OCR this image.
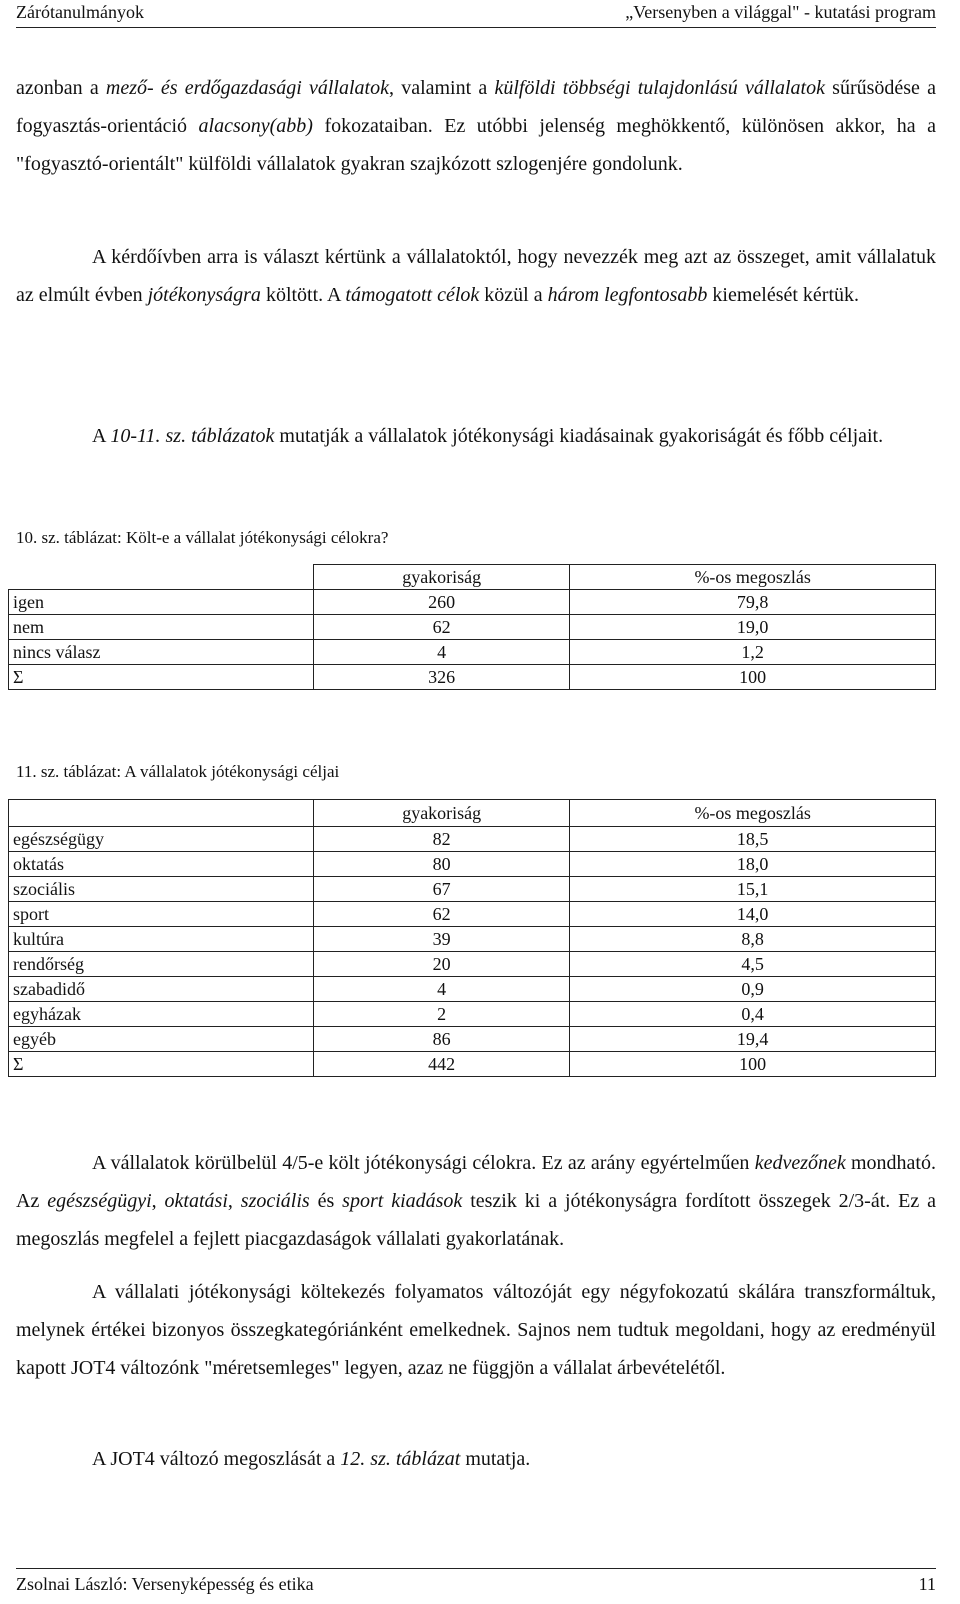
Zárótanulmányok	„Versenyben a világgal" - kutatási program

azonban a mező- és erdőgazdasági vállalatok, valamint a külföldi többségi tulajdonlású vállalatok sűrűsödése a fogyasztás-orientáció alacsony(abb) fokozataiban. Ez utóbbi jelenség meghökkentő, különösen akkor, ha a "fogyasztó-orientált" külföldi vállalatok gyakran szajkózott szlogenjére gondolunk.

A kérdőívben arra is választ kértünk a vállalatoktól, hogy nevezzék meg azt az összeget, amit vállalatuk az elmúlt évben jótékonyságra költött. A támogatott célok közül a három legfontosabb kiemelését kértük.

A 10-11. sz. táblázatok mutatják a vállalatok jótékonysági kiadásainak gyakoriságát és főbb céljait.

10. sz. táblázat: Költ-e a vállalat jótékonysági célokra?
	gyakoriság	%-os megoszlás
igen	260	79,8
nem	62	19,0
nincs válasz	4	1,2
Σ	326	100
11. sz. táblázat: A vállalatok jótékonysági céljai
	gyakoriság	%-os megoszlás
egészségügy	82	18,5
oktatás	80	18,0
szociális	67	15,1
sport	62	14,0
kultúra	39	8,8
rendőrség	20	4,5
szabadidő	4	0,9
egyházak	2	0,4
egyéb	86	19,4
Σ	442	100

A vállalatok körülbelül 4/5-e költ jótékonysági célokra. Ez az arány egyértelműen kedvezőnek mondható. Az egészségügyi, oktatási, szociális és sport kiadások teszik ki a jótékonyságra fordított összegek 2/3-át. Ez a megoszlás megfelel a fejlett piacgazdaságok vállalati gyakorlatának.

A vállalati jótékonysági költekezés folyamatos változóját egy négyfokozatú skálára transzformáltuk, melynek értékei bizonyos összegkategóriánként emelkednek. Sajnos nem tudtuk megoldani, hogy az eredményül kapott JOT4 változónk "méretsemleges" legyen, azaz ne függjön a vállalat árbevételétől.

A JOT4 változó megoszlását a 12. sz. táblázat mutatja.

Zsolnai László: Versenyképesség és etika	11
